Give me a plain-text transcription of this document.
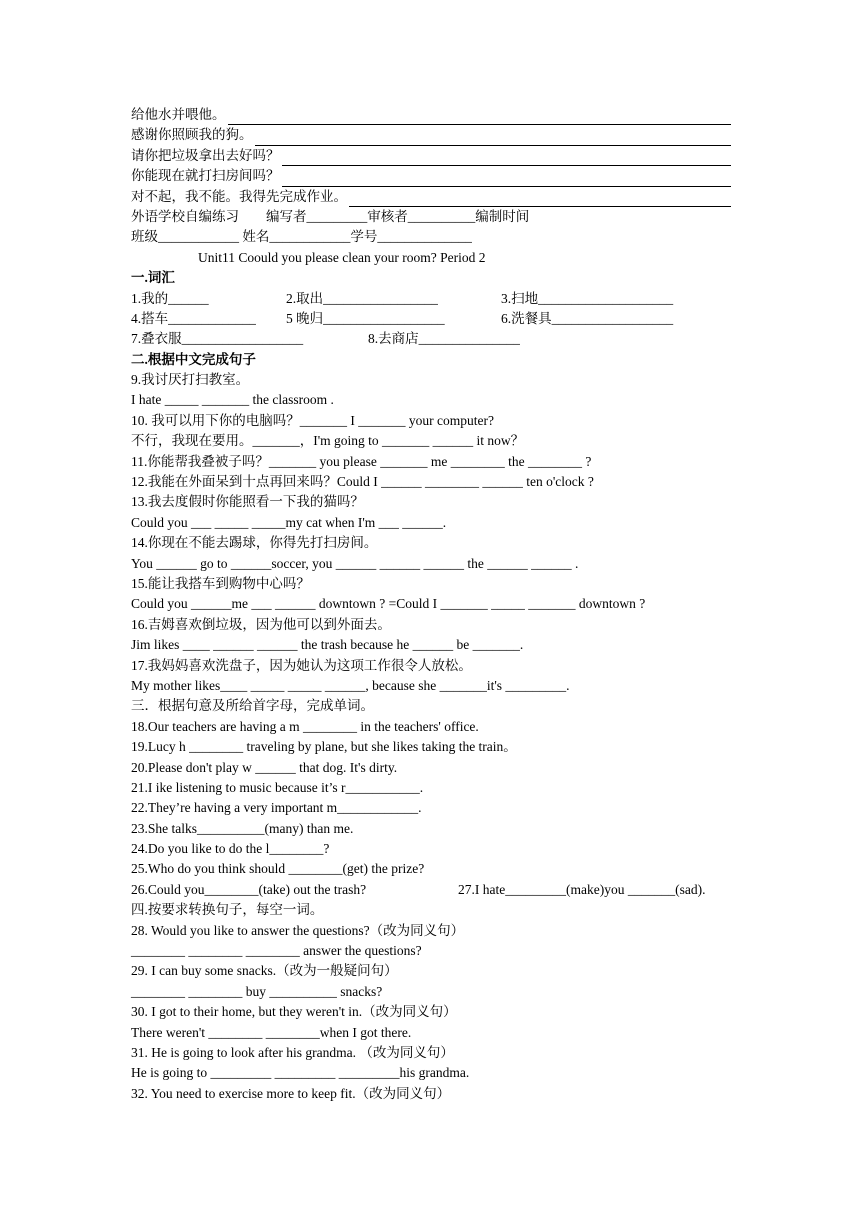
给他水并喂他。
感谢你照顾我的狗。
请你把垃圾拿出去好吗？
你能现在就打扫房间吗？
对不起，我不能。我得先完成作业。
外语学校自编练习　　编写者_________审核者__________编制时间
班级____________ 姓名____________学号______________
Unit11 Coould you please clean your room? Period 2
一.词汇
1.我的______	2.取出_________________	3.扫地____________________
4.搭车_____________ 5 晚归__________________	6.洗餐具__________________
7.叠衣服__________________	8.去商店_______________
二.根据中文完成句子
9.我讨厌打扫教室。
I hate _____ _______ the classroom .
10. 我可以用下你的电脑吗？_______ I _______ your computer?
不行，我现在要用。_______，I'm going to _______ ______ it now？
11.你能帮我叠被子吗？_______ you please _______ me ________ the ________ ?
12.我能在外面呆到十点再回来吗？Could I ______ ________ ______ ten o'clock ?
13.我去度假时你能照看一下我的猫吗？
Could you ___ _____ _____my cat when I'm ___ ______.
14.你现在不能去踢球，你得先打扫房间。
You ______ go to ______soccer, you ______ ______ ______ the ______ ______ .
15.能让我搭车到购物中心吗？
Could you ______me ___ ______ downtown ? =Could I _______ _____ _______ downtown ?
16.吉姆喜欢倒垃圾，因为他可以到外面去。
Jim likes ____ ______ ______ the trash because he ______ be _______.
17.我妈妈喜欢洗盘子，因为她认为这项工作很令人放松。
My mother likes____ _____ _____ ______, because she _______it's _________.
三．根据句意及所给首字母，完成单词。
18.Our teachers are having a m ________ in the teachers' office.
19.Lucy h ________ traveling by plane, but she likes taking the train。
20.Please don't play w ______ that dog. It's dirty.
21.I ike listening to music because it’s r___________.
22.They’re having a very important m____________.
23.She talks__________(many) than me.
24.Do you like to do the l________?
25.Who do you think should ________(get) the prize?
26.Could you________(take) out the trash?	27.I hate_________(make)you _______(sad).
四.按要求转换句子，每空一词。
28. Would you like to answer the questions?（改为同义句）
________ ________ ________ answer the questions?
29. I can buy some snacks.（改为一般疑问句）
________ ________ buy __________ snacks?
30. I got to their home, but they weren't in.（改为同义句）
There weren't ________ ________when I got there.
31. He is going to look after his grandma. （改为同义句）
He is going to _________ _________ _________his grandma.
32. You need to exercise more to keep fit.（改为同义句）
